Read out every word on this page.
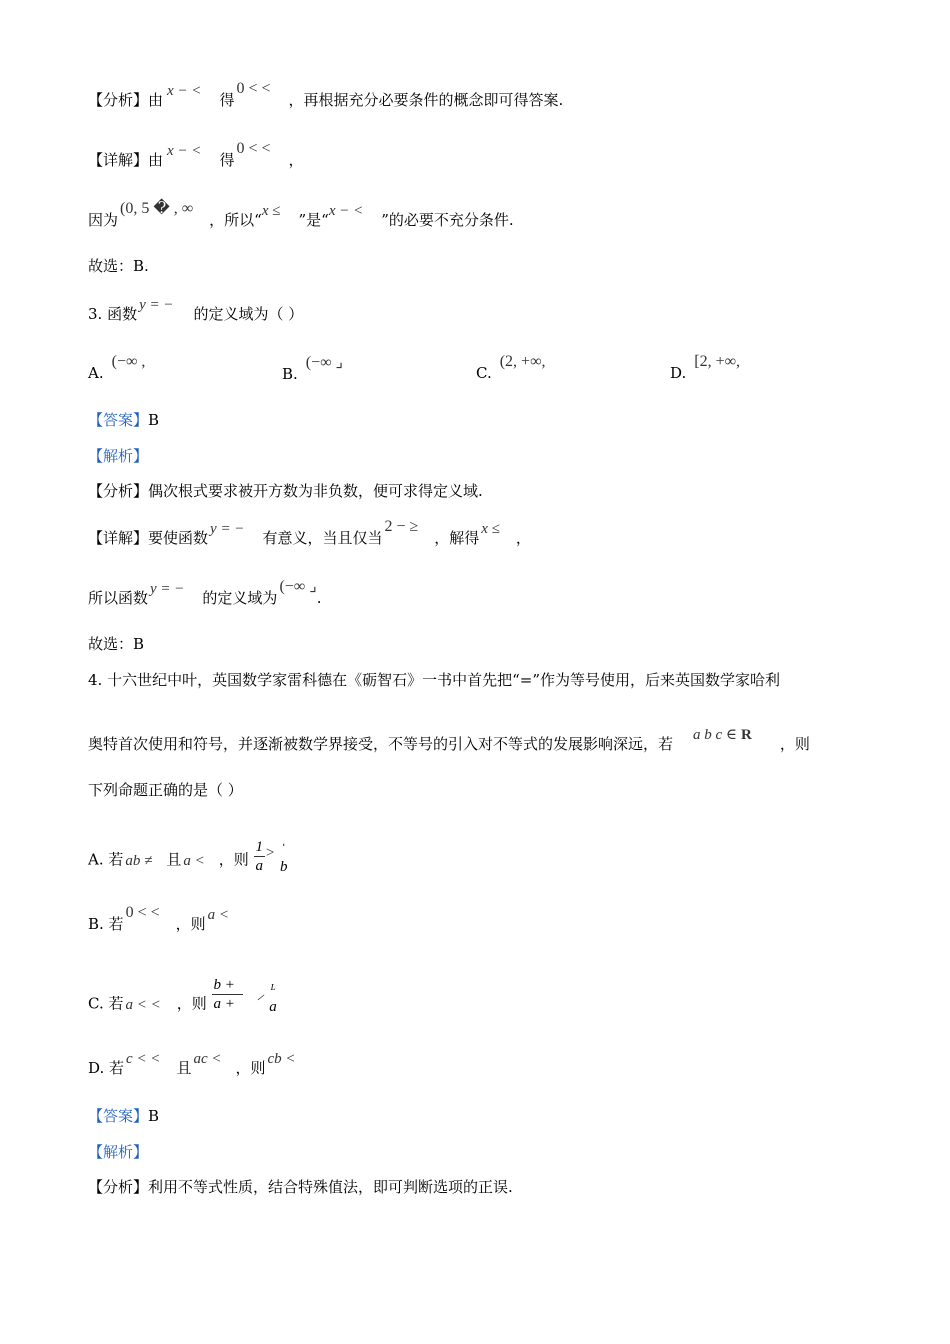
【分析】由 x − < 得0 < <，再根据充分必要条件的概念即可得答案.
【详解】由 x − < 得0 < <，
因为(0, 5 � , ∞，所以“x ≤ ”是“x − < ”的必要不充分条件.
故选：B.
3. 函数 y = − 的定义域为（ ）
A.(−∞ ,
B.(−∞ ⌟
C.(2, +∞,
D.[2, +∞,
【答案】B
【解析】
【分析】偶次根式要求被开方数为非负数，便可求得定义域.
【详解】要使函数 y = − 有意义，当且仅当2 − ≥，解得 x ≤ ，
所以函数 y = − 的定义域为(−∞ ⌟.
故选：B
4. 十六世纪中叶，英国数学家雷科德在《砺智石》一书中首先把“=”作为等号使用，后来英国数学家哈利
奥特首次使用和符号，并逐渐被数学界接受，不等号的引入对不等式的发展影响深远，若 a b c ∈ R ，则
下列命题正确的是（ ）
A. 若 ab ≠ 且 a < ，则 $\frac{1}{a}$ > ˈ
b
B. 若0 < <，则 a <
C. 若 a < < ，则 $\frac{b +}{a +}$ ⸝ ᴸ
a
D. 若 c < < 且 ac < ，则 cb <
【答案】B
【解析】
【分析】利用不等式性质，结合特殊值法，即可判断选项的正误.
